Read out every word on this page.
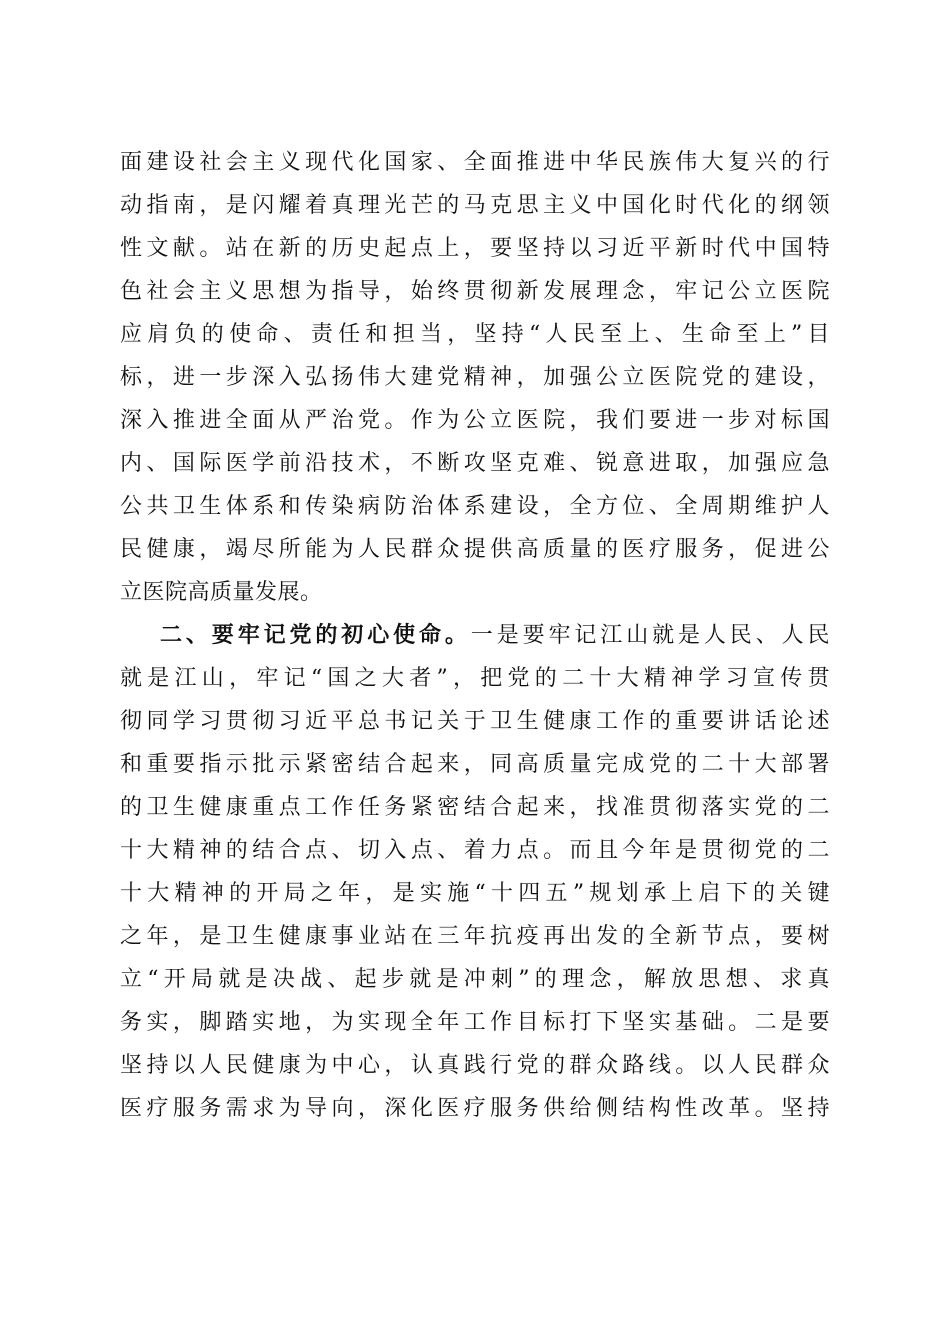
面建设社会主义现代化国家、全面推进中华民族伟大复兴的行
动指南，是闪耀着真理光芒的马克思主义中国化时代化的纲领
性文献。站在新的历史起点上，要坚持以习近平新时代中国特
色社会主义思想为指导，始终贯彻新发展理念，牢记公立医院
应肩负的使命、责任和担当，坚持“人民至上、生命至上”目
标，进一步深入弘扬伟大建党精神，加强公立医院党的建设，
深入推进全面从严治党。作为公立医院，我们要进一步对标国
内、国际医学前沿技术，不断攻坚克难、锐意进取，加强应急
公共卫生体系和传染病防治体系建设，全方位、全周期维护人
民健康，竭尽所能为人民群众提供高质量的医疗服务，促进公
立医院高质量发展。
二、要牢记党的初心使命。一是要牢记江山就是人民、人民
就是江山，牢记“国之大者”，把党的二十大精神学习宣传贯
彻同学习贯彻习近平总书记关于卫生健康工作的重要讲话论述
和重要指示批示紧密结合起来，同高质量完成党的二十大部署
的卫生健康重点工作任务紧密结合起来，找准贯彻落实党的二
十大精神的结合点、切入点、着力点。而且今年是贯彻党的二
十大精神的开局之年，是实施“十四五”规划承上启下的关键
之年，是卫生健康事业站在三年抗疫再出发的全新节点，要树
立“开局就是决战、起步就是冲刺”的理念，解放思想、求真
务实，脚踏实地，为实现全年工作目标打下坚实基础。二是要
坚持以人民健康为中心，认真践行党的群众路线。以人民群众
医疗服务需求为导向，深化医疗服务供给侧结构性改革。坚持
